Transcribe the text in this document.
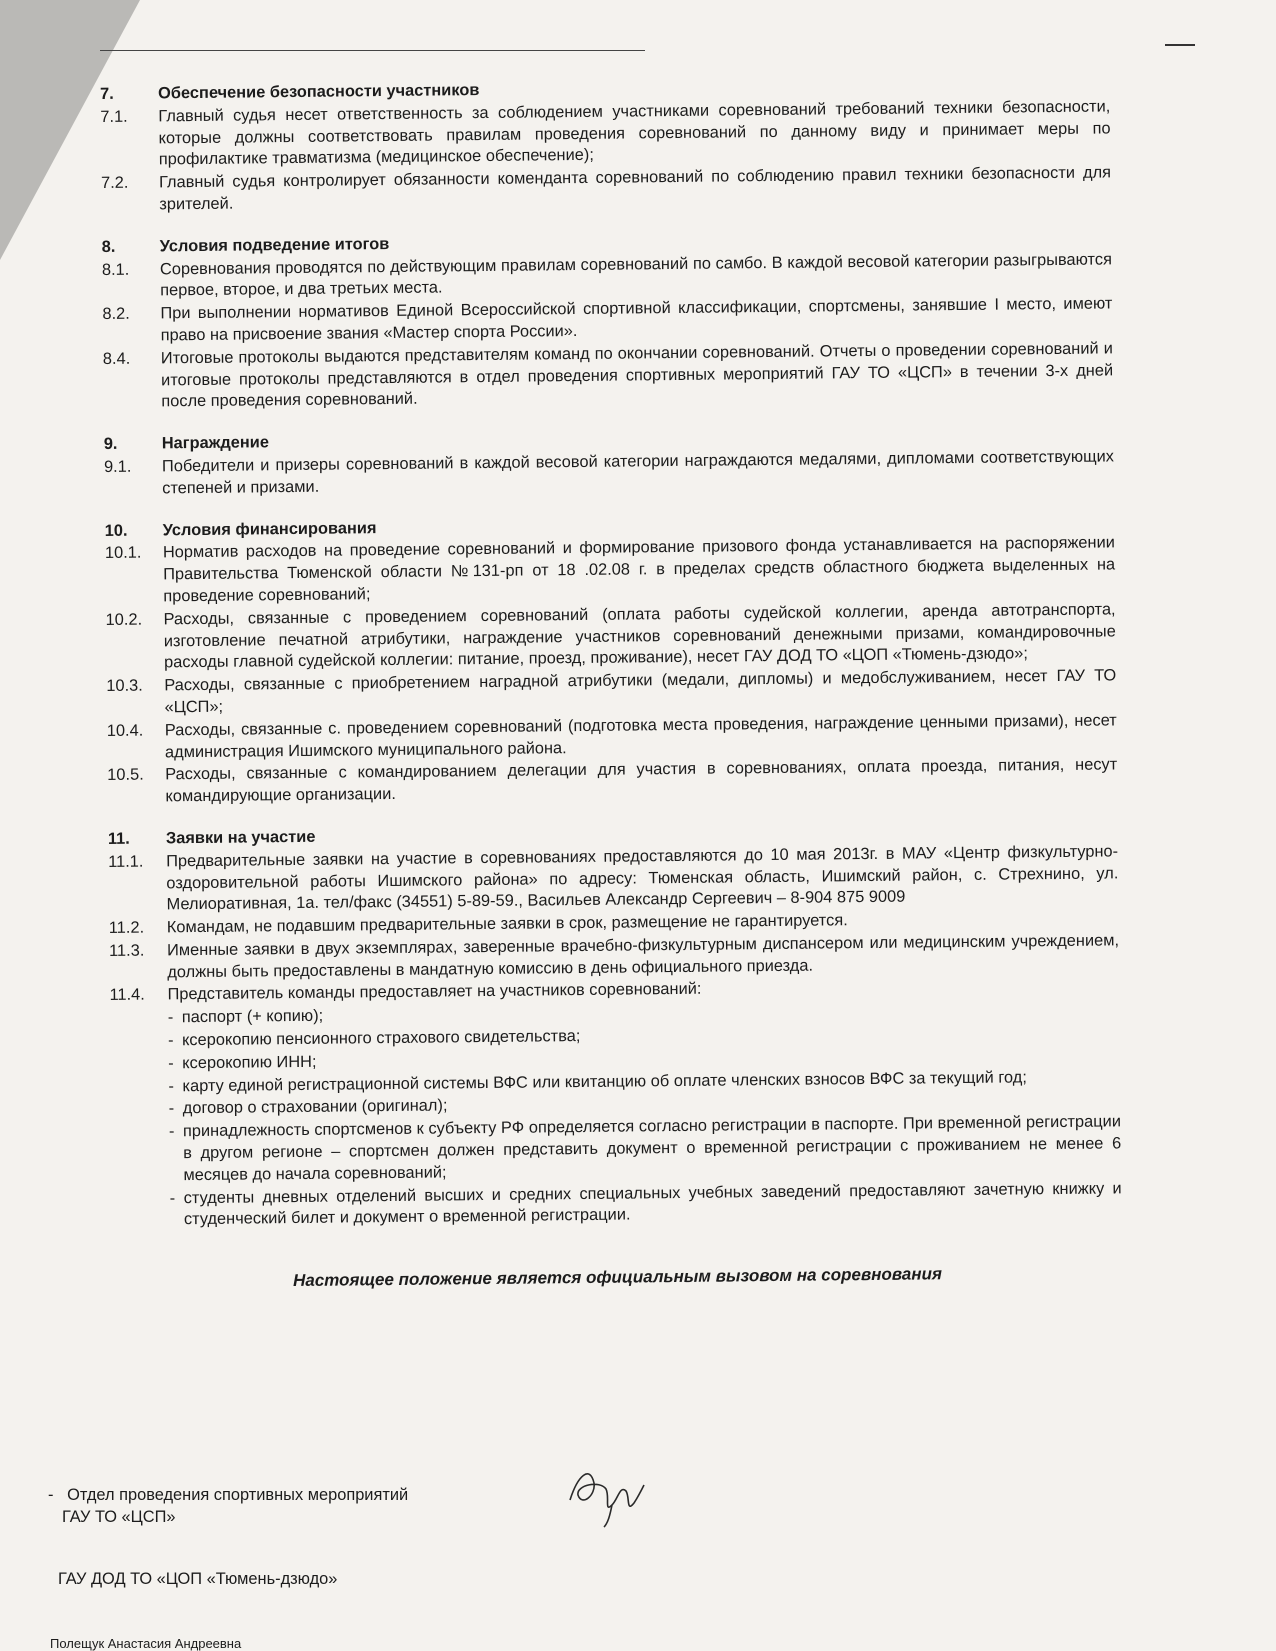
7.	Обеспечение безопасности участников
7.1.	Главный судья несет ответственность за соблюдением участниками соревнований требований техники безопасности, которые должны соответствовать правилам проведения соревнований по данному виду и принимает меры по профилактике травматизма (медицинское обеспечение);
7.2.	Главный судья контролирует обязанности коменданта соревнований по соблюдению правил техники безопасности для зрителей.
8.	Условия подведение итогов
8.1.	Соревнования проводятся по действующим правилам соревнований по самбо. В каждой весовой категории разыгрываются первое, второе, и два третьих места.
8.2.	При выполнении нормативов Единой Всероссийской спортивной классификации, спортсмены, занявшие I место, имеют право на присвоение звания «Мастер спорта России».
8.4.	Итоговые протоколы выдаются представителям команд по окончании соревнований. Отчеты о проведении соревнований и итоговые протоколы представляются в отдел проведения спортивных мероприятий ГАУ ТО «ЦСП» в течении 3-х дней после проведения соревнований.
9.	Награждение
9.1.	Победители и призеры соревнований в каждой весовой категории награждаются медалями, дипломами соответствующих степеней и призами.
10.	Условия финансирования
10.1.	Норматив расходов на проведение соревнований и формирование призового фонда устанавливается на распоряжении Правительства Тюменской области №131-рп от 18 .02.08 г. в пределах средств областного бюджета выделенных на проведение соревнований;
10.2.	Расходы, связанные с проведением соревнований (оплата работы судейской коллегии, аренда автотранспорта, изготовление печатной атрибутики, награждение участников соревнований денежными призами, командировочные расходы главной судейской коллегии: питание, проезд, проживание), несет ГАУ ДОД ТО «ЦОП «Тюмень-дзюдо»;
10.3.	Расходы, связанные с приобретением наградной атрибутики (медали, дипломы) и медобслуживанием, несет ГАУ ТО «ЦСП»;
10.4.	Расходы, связанные с. проведением соревнований (подготовка места проведения, награждение ценными призами), несет администрация Ишимского муниципального района.
10.5.	Расходы, связанные с командированием делегации для участия в соревнованиях, оплата проезда, питания, несут командирующие организации.
11.	Заявки на участие
11.1.	Предварительные заявки на участие в соревнованиях предоставляются до 10 мая 2013г. в МАУ «Центр физкультурно-оздоровительной работы Ишимского района» по адресу: Тюменская область, Ишимский район, с. Стрехнино, ул. Мелиоративная, 1а. тел/факс (34551) 5-89-59., Васильев Александр Сергеевич – 8-904 875 9009
11.2.	Командам, не подавшим предварительные заявки в срок, размещение не гарантируется.
11.3.	Именные заявки в двух экземплярах, заверенные врачебно-физкультурным диспансером или медицинским учреждением, должны быть предоставлены в мандатную комиссию в день официального приезда.
11.4.	Представитель команды предоставляет на участников соревнований:
- паспорт (+ копию);
- ксерокопию пенсионного страхового свидетельства;
- ксерокопию ИНН;
- карту единой регистрационной системы ВФС или квитанцию об оплате членских взносов ВФС за текущий год;
- договор о страховании (оригинал);
- принадлежность спортсменов к субъекту РФ определяется согласно регистрации в паспорте. При временной регистрации в другом регионе – спортсмен должен представить документ о временной регистрации с проживанием не менее 6 месяцев до начала соревнований;
- студенты дневных отделений высших и средних специальных учебных заведений предоставляют зачетную книжку и студенческий билет и документ о временной регистрации.
Настоящее положение является официальным вызовом на соревнования
- Отдел проведения спортивных мероприятий
ГАУ ТО «ЦСП»
ГАУ ДОД ТО «ЦОП «Тюмень-дзюдо»
Полещук Анастасия Андреевна
